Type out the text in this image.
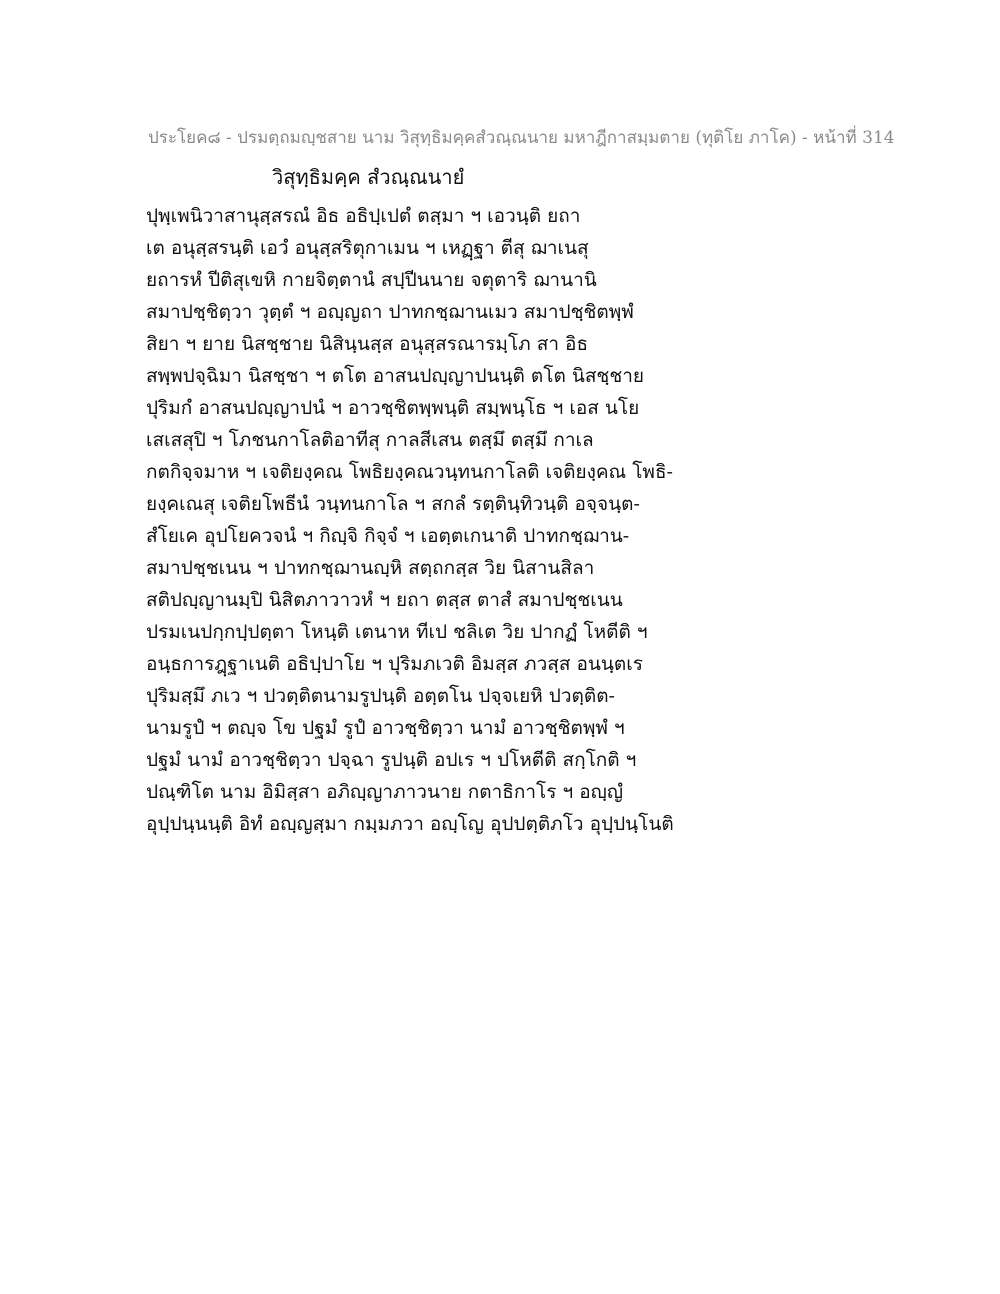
ประโยค๘ - ปรมตฺถมญฺชสาย นาม วิสุทฺธิมคฺคสํวณฺณนาย มหาฎีกาสมฺมตาย (ทุติโย ภาโค) - หน้าที่ 314
วิสุทฺธิมคฺค สํวณฺณนายํ
ปุพฺเพนิวาสานุสฺสรณํ อิธ อธิปฺเปตํ ตสฺมา ฯ เอวนฺติ ยถา
เต อนุสฺสรนฺติ เอวํ อนุสฺสริตุกาเมน ฯ เหฏฺฐา ตีสุ ฌาเนสุ
ยถารหํ ปีติสุเขหิ กายจิตฺตานํ สปฺปีนนาย จตุตาริ ฌานานิ
สมาปชฺชิตฺวา วุตฺตํ ฯ อญฺญถา ปาทกชฺฌานเมว สมาปชฺชิตพฺพํ
สิยา ฯ ยาย นิสชฺชาย นิสินฺนสฺส อนุสฺสรณารมฺโภ สา อิธ
สพฺพปจฺฉิมา นิสชฺชา ฯ ตโต อาสนปญฺญาปนนฺติ ตโต นิสชฺชาย
ปุริมกํ อาสนปญฺญาปนํ ฯ อาวชฺชิตพฺพนฺติ สมฺพนฺโธ ฯ เอส นโย
เสเสสุปิ ฯ โภชนกาโลติอาทีสุ กาลสีเสน ตสฺมึ ตสฺมึ กาเล
กตกิจฺจมาห ฯ เจติยงฺคณ โพธิยงฺคณวนฺทนกาโลติ เจติยงฺคณ โพธิ-
ยงฺคเณสุ เจติยโพธีนํ วนฺทนกาโล ฯ สกลํ รตฺตินฺทิวนฺติ อจฺจนฺต-
สํโยเค อุปโยควจนํ ฯ กิญฺจิ กิจฺจํ ฯ เอตฺตเกนาติ ปาทกชฺฌาน-
สมาปชฺชเนน ฯ ปาทกชฺฌานญฺหิ สตฺถกสฺส วิย นิสานสิลา
สติปญฺญานมฺปิ นิสิตภาวาวหํ ฯ ยถา ตสฺส ตาสํ สมาปชฺชเนน
ปรมเนปกฺกปฺปตฺตา โหนฺติ เตนาห ทีเป ชลิเต วิย ปากฏํ โหตีติ ฯ
อนฺธการฎฺฐาเนติ อธิปฺปาโย ฯ ปุริมภเวติ อิมสฺส ภวสฺส อนนฺตเร
ปุริมสฺมึ ภเว ฯ ปวตฺติตนามรูปนฺติ อตฺตโน ปจฺจเยหิ ปวตฺติต-
นามรูปํ ฯ ตญฺจ โข ปฐมํ รูปํ อาวชฺชิตฺวา นามํ อาวชฺชิตพฺพํ ฯ
ปฐมํ นามํ อาวชฺชิตฺวา ปจฺฉา รูปนฺติ อปเร ฯ ปโหตีติ สกฺโกติ ฯ
ปณฺฑิโต นาม อิมิสฺสา อภิญฺญาภาวนาย กตาธิกาโร ฯ อญฺญํ
อุปฺปนฺนนฺติ อิทํ อญฺญสฺมา กมฺมภวา อญฺโญ อุปปตฺติภโว อุปฺปนฺโนติ
